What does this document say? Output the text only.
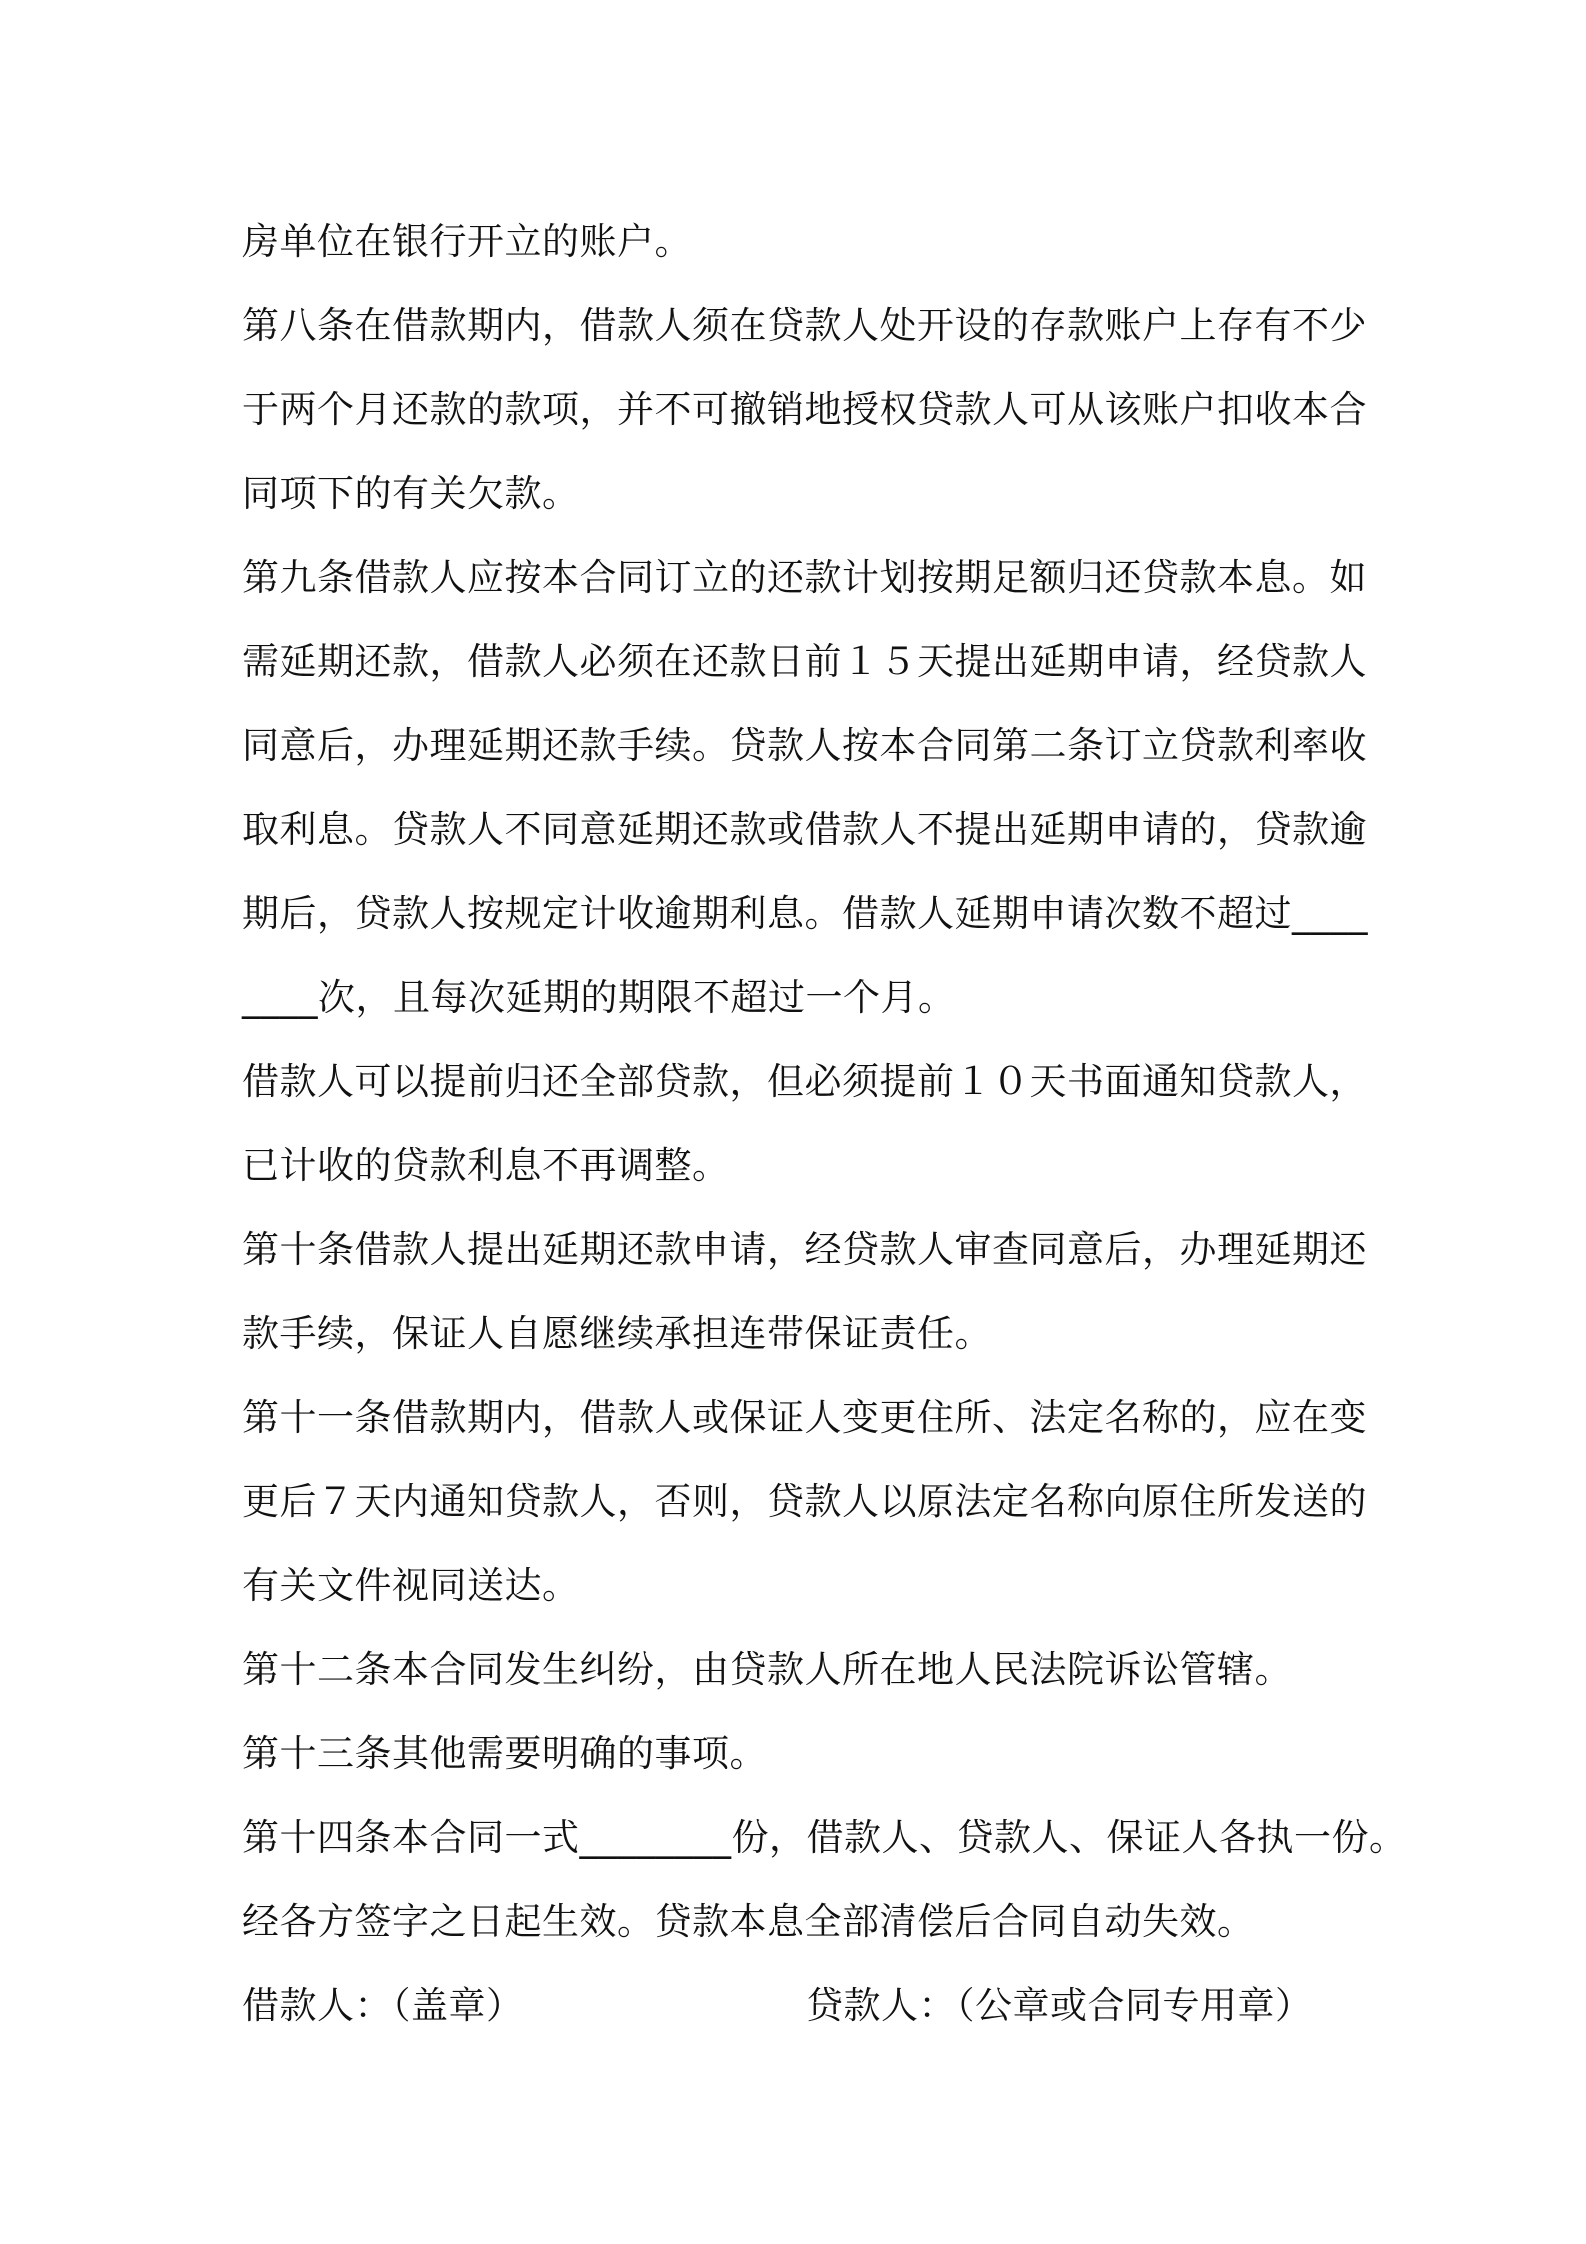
房单位在银行开立的账户。

第八条在借款期内，借款人须在贷款人处开设的存款账户上存有不少
于两个月还款的款项，并不可撤销地授权贷款人可从该账户扣收本合
同项下的有关欠款。

第九条借款人应按本合同订立的还款计划按期足额归还贷款本息。如
需延期还款，借款人必须在还款日前１５天提出延期申请，经贷款人
同意后，办理延期还款手续。贷款人按本合同第二条订立贷款利率收
取利息。贷款人不同意延期还款或借款人不提出延期申请的，贷款逾
期后，贷款人按规定计收逾期利息。借款人延期申请次数不超过____
____次，且每次延期的期限不超过一个月。

借款人可以提前归还全部贷款，但必须提前１０天书面通知贷款人，
已计收的贷款利息不再调整。

第十条借款人提出延期还款申请，经贷款人审查同意后，办理延期还
款手续，保证人自愿继续承担连带保证责任。

第十一条借款期内，借款人或保证人变更住所、法定名称的，应在变
更后７天内通知贷款人，否则，贷款人以原法定名称向原住所发送的
有关文件视同送达。

第十二条本合同发生纠纷，由贷款人所在地人民法院诉讼管辖。

第十三条其他需要明确的事项。

第十四条本合同一式________份，借款人、贷款人、保证人各执一份。
经各方签字之日起生效。贷款本息全部清偿后合同自动失效。

借款人：（盖章）	贷款人：（公章或合同专用章）
